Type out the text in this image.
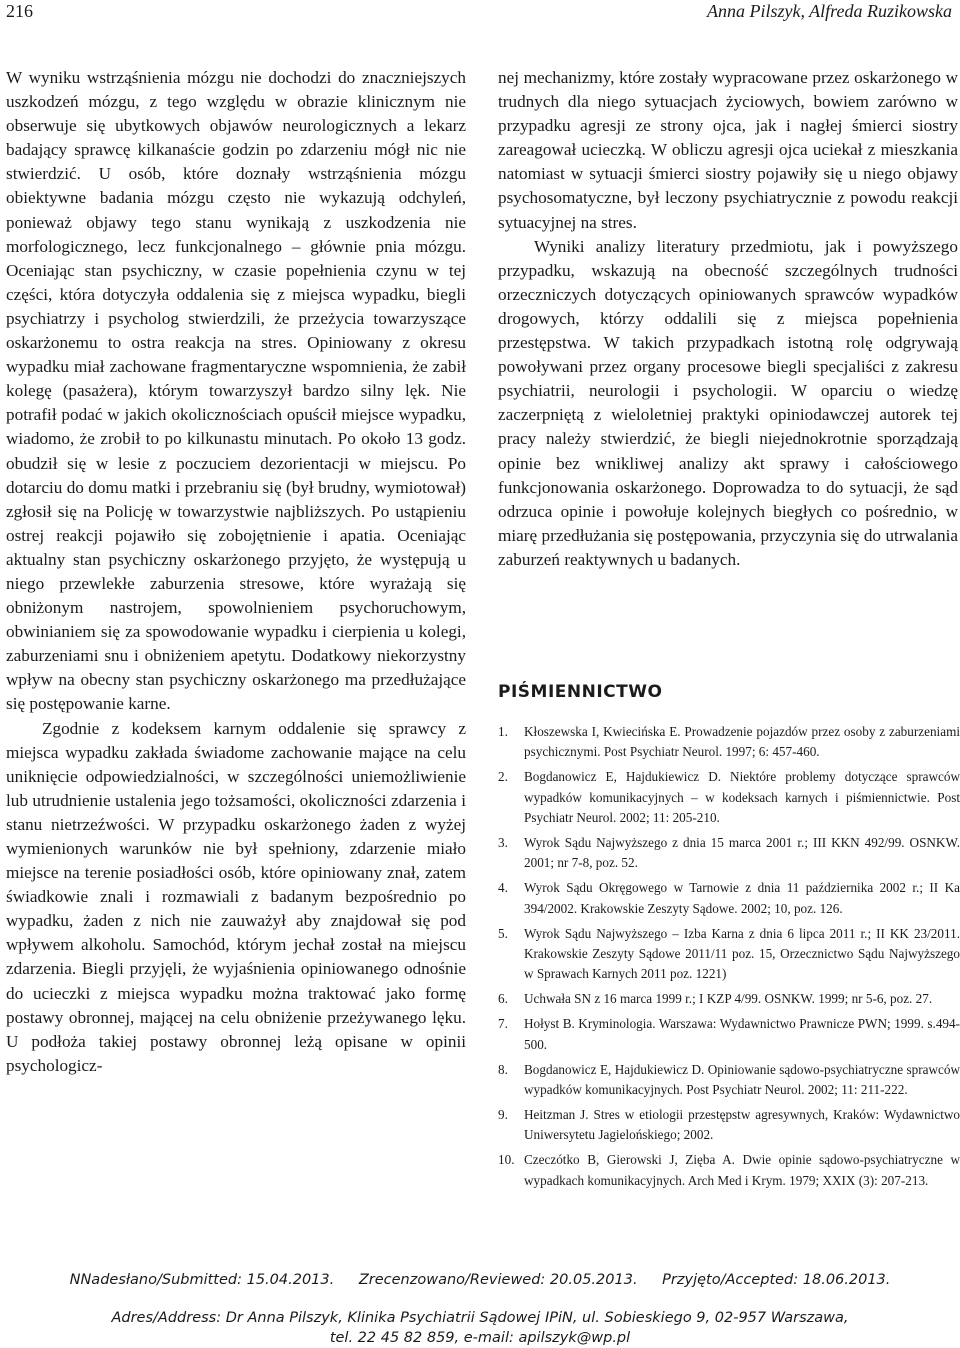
216	Anna Pilszyk, Alfreda Ruzikowska

W wyniku wstrząśnienia mózgu nie dochodzi do znaczniejszych uszkodzeń mózgu, z tego względu w obrazie klinicznym nie obserwuje się ubytkowych objawów neurologicznych a lekarz badający sprawcę kilkanaście godzin po zdarzeniu mógł nic nie stwierdzić. U osób, które doznały wstrząśnienia mózgu obiektywne badania mózgu często nie wykazują odchyleń, ponieważ objawy tego stanu wynikają z uszkodzenia nie morfologicznego, lecz funkcjonalnego – głównie pnia mózgu. Oceniając stan psychiczny, w czasie popełnienia czynu w tej części, która dotyczyła oddalenia się z miejsca wypadku, biegli psychiatrzy i psycholog stwierdzili, że przeżycia towarzyszące oskarżonemu to ostra reakcja na stres. Opiniowany z okresu wypadku miał zachowane fragmentaryczne wspomnienia, że zabił kolegę (pasażera), którym towarzyszył bardzo silny lęk. Nie potrafił podać w jakich okolicznościach opuścił miejsce wypadku, wiadomo, że zrobił to po kilkunastu minutach. Po około 13 godz. obudził się w lesie z poczuciem dezorientacji w miejscu. Po dotarciu do domu matki i przebraniu się (był brudny, wymiotował) zgłosił się na Policję w towarzystwie najbliższych. Po ustąpieniu ostrej reakcji pojawiło się zobojętnienie i apatia. Oceniając aktualny stan psychiczny oskarżonego przyjęto, że występują u niego przewlekłe zaburzenia stresowe, które wyrażają się obniżonym nastrojem, spowolnieniem psychoruchowym, obwinianiem się za spowodowanie wypadku i cierpienia u kolegi, zaburzeniami snu i obniżeniem apetytu. Dodatkowy niekorzystny wpływ na obecny stan psychiczny oskarżonego ma przedłużające się postępowanie karne.

Zgodnie z kodeksem karnym oddalenie się sprawcy z miejsca wypadku zakłada świadome zachowanie mające na celu uniknięcie odpowiedzialności, w szczególności uniemożliwienie lub utrudnienie ustalenia jego tożsamości, okoliczności zdarzenia i stanu nietrzeźwości. W przypadku oskarżonego żaden z wyżej wymienionych warunków nie był spełniony, zdarzenie miało miejsce na terenie posiadłości osób, które opiniowany znał, zatem świadkowie znali i rozmawiali z badanym bezpośrednio po wypadku, żaden z nich nie zauważył aby znajdował się pod wpływem alkoholu. Samochód, którym jechał został na miejscu zdarzenia. Biegli przyjęli, że wyjaśnienia opiniowanego odnośnie do ucieczki z miejsca wypadku można traktować jako formę postawy obronnej, mającej na celu obniżenie przeżywanego lęku. U podłoża takiej postawy obronnej leżą opisane w opinii psychologicz-

nej mechanizmy, które zostały wypracowane przez oskarżonego w trudnych dla niego sytuacjach życiowych, bowiem zarówno w przypadku agresji ze strony ojca, jak i nagłej śmierci siostry zareagował ucieczką. W obliczu agresji ojca uciekał z mieszkania natomiast w sytuacji śmierci siostry pojawiły się u niego objawy psychosomatyczne, był leczony psychiatrycznie z powodu reakcji sytuacyjnej na stres.

Wyniki analizy literatury przedmiotu, jak i powyższego przypadku, wskazują na obecność szczególnych trudności orzeczniczych dotyczących opiniowanych sprawców wypadków drogowych, którzy oddalili się z miejsca popełnienia przestępstwa. W takich przypadkach istotną rolę odgrywają powoływani przez organy procesowe biegli specjaliści z zakresu psychiatrii, neurologii i psychologii. W oparciu o wiedzę zaczerpniętą z wieloletniej praktyki opiniodawczej autorek tej pracy należy stwierdzić, że biegli niejednokrotnie sporządzają opinie bez wnikliwej analizy akt sprawy i całościowego funkcjonowania oskarżonego. Doprowadza to do sytuacji, że sąd odrzuca opinie i powołuje kolejnych biegłych co pośrednio, w miarę przedłużania się postępowania, przyczynia się do utrwalania zaburzeń reaktywnych u badanych.

PIŚMIENNICTWO
1. Kłoszewska I, Kwiecińska E. Prowadzenie pojazdów przez osoby z zaburzeniami psychicznymi. Post Psychiatr Neurol. 1997; 6: 457-460.
2. Bogdanowicz E, Hajdukiewicz D. Niektóre problemy dotyczące sprawców wypadków komunikacyjnych – w kodeksach karnych i piśmiennictwie. Post Psychiatr Neurol. 2002; 11: 205-210.
3. Wyrok Sądu Najwyższego z dnia 15 marca 2001 r.; III KKN 492/99. OSNKW. 2001; nr 7-8, poz. 52.
4. Wyrok Sądu Okręgowego w Tarnowie z dnia 11 października 2002 r.; II Ka 394/2002. Krakowskie Zeszyty Sądowe. 2002; 10, poz. 126.
5. Wyrok Sądu Najwyższego – Izba Karna z dnia 6 lipca 2011 r.; II KK 23/2011. Krakowskie Zeszyty Sądowe 2011/11 poz. 15, Orzecznictwo Sądu Najwyższego w Sprawach Karnych 2011 poz. 1221)
6. Uchwała SN z 16 marca 1999 r.; I KZP 4/99. OSNKW. 1999; nr 5-6, poz. 27.
7. Hołyst B. Kryminologia. Warszawa: Wydawnictwo Prawnicze PWN; 1999. s.494-500.
8. Bogdanowicz E, Hajdukiewicz D. Opiniowanie sądowo-psychiatryczne sprawców wypadków komunikacyjnych. Post Psychiatr Neurol. 2002; 11: 211-222.
9. Heitzman J. Stres w etiologii przestępstw agresywnych, Kraków: Wydawnictwo Uniwersytetu Jagielońskiego; 2002.
10. Czeczótko B, Gierowski J, Zięba A. Dwie opinie sądowo-psychiatryczne w wypadkach komunikacyjnych. Arch Med i Krym. 1979; XXIX (3): 207-213.
NNadesłano/Submitted: 15.04.2013. Zrecenzowano/Reviewed: 20.05.2013. Przyjęto/Accepted: 18.06.2013.
Adres/Address: Dr Anna Pilszyk, Klinika Psychiatrii Sądowej IPiN, ul. Sobieskiego 9, 02-957 Warszawa,
tel. 22 45 82 859, e-mail: apilszyk@wp.pl
